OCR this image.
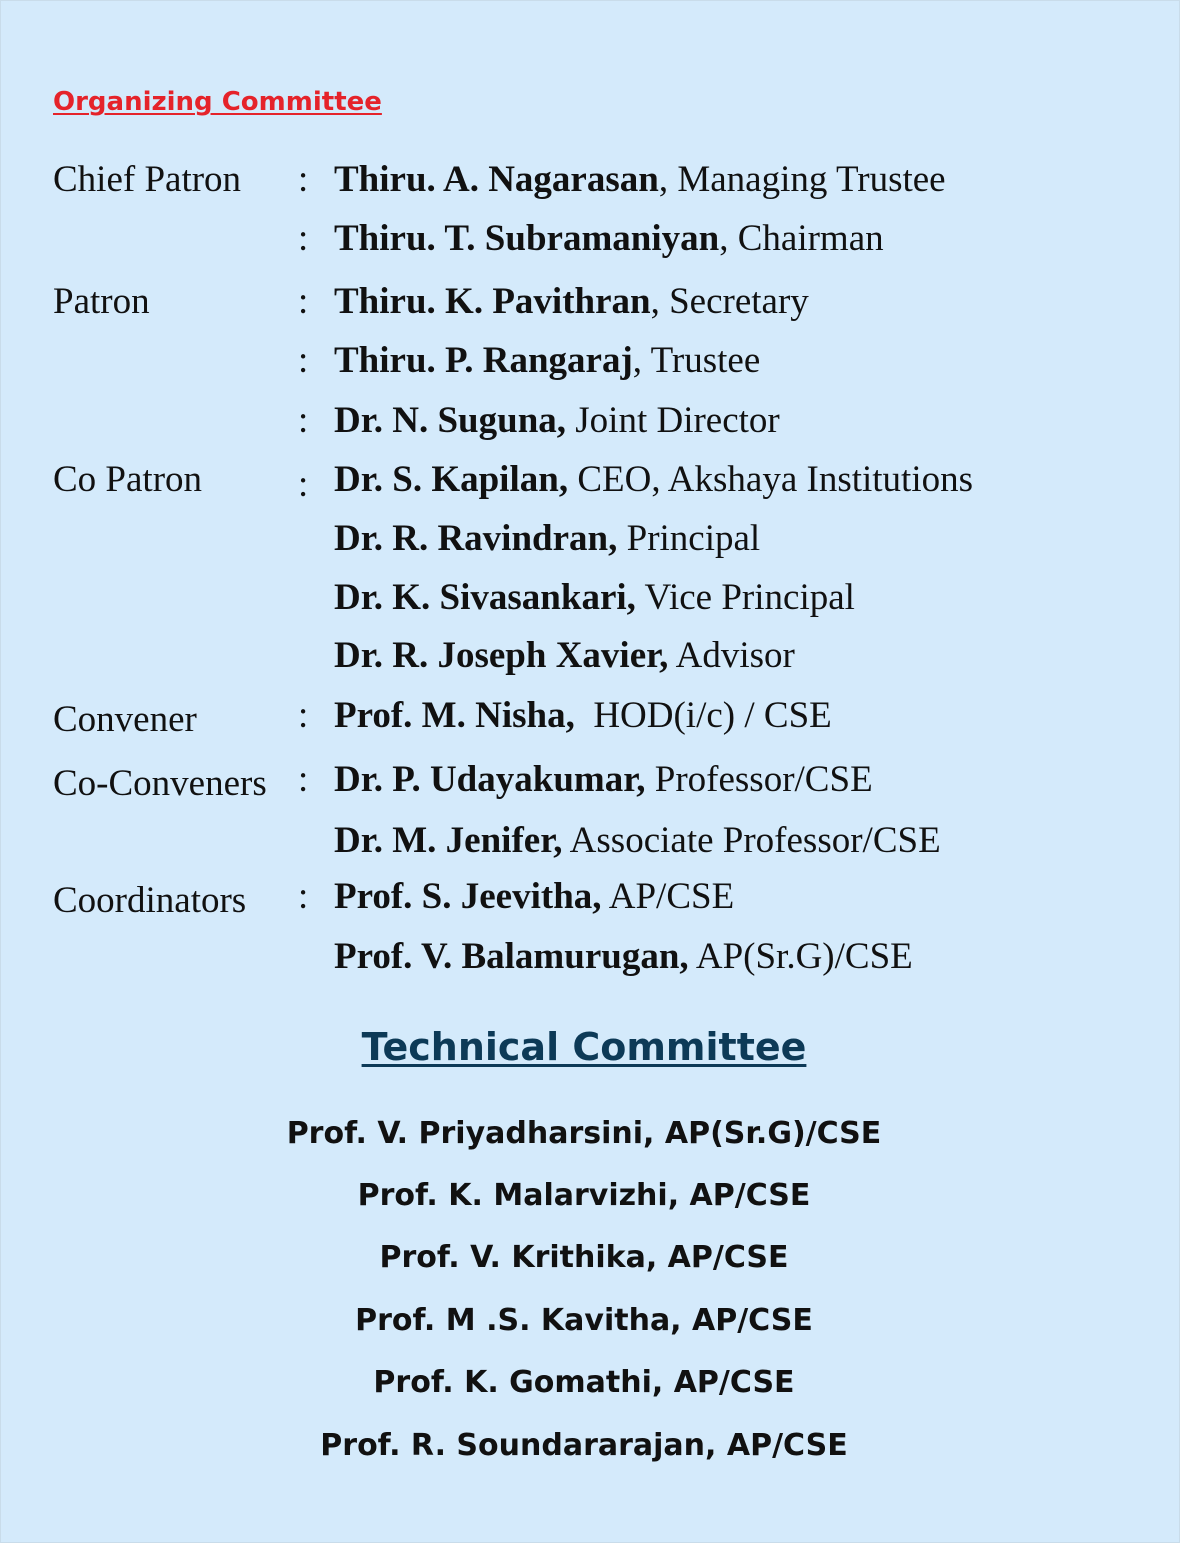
Organizing Committee
Chief Patron : Thiru. A. Nagarasan, Managing Trustee
: Thiru. T. Subramaniyan, Chairman
Patron	: Thiru. K. Pavithran, Secretary
: Thiru. P. Rangaraj, Trustee
: Dr. N. Suguna, Joint Director
Co Patron	: Dr. S. Kapilan, CEO, Akshaya Institutions
Dr. R. Ravindran, Principal
Dr. K. Sivasankari, Vice Principal
Dr. R. Joseph Xavier, Advisor
Convener	: Prof. M. Nisha,  HOD(i/c) / CSE
Co-Conveners : Dr. P. Udayakumar, Professor/CSE
Dr. M. Jenifer, Associate Professor/CSE
Coordinators : Prof. S. Jeevitha, AP/CSE
Prof. V. Balamurugan, AP(Sr.G)/CSE
Technical Committee
Prof. V. Priyadharsini, AP(Sr.G)/CSE
Prof. K. Malarvizhi, AP/CSE
Prof. V. Krithika, AP/CSE
Prof. M .S. Kavitha, AP/CSE
Prof. K. Gomathi, AP/CSE
Prof. R. Soundararajan, AP/CSE
